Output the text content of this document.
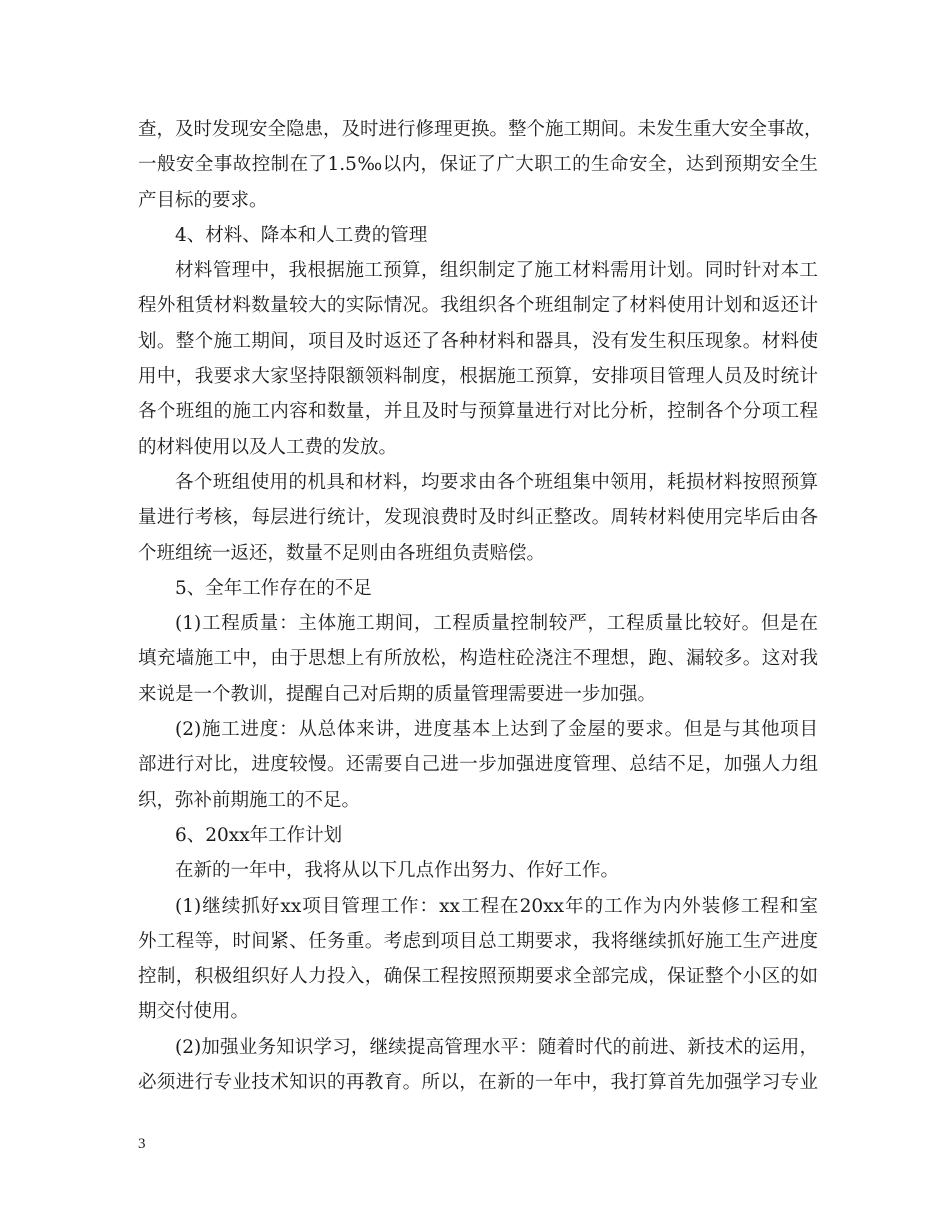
查，及时发现安全隐患，及时进行修理更换。整个施工期间。未发生重大安全事故，
一般安全事故控制在了1.5‰以内，保证了广大职工的生命安全，达到预期安全生
产目标的要求。
4、材料、降本和人工费的管理
材料管理中，我根据施工预算，组织制定了施工材料需用计划。同时针对本工
程外租赁材料数量较大的实际情况。我组织各个班组制定了材料使用计划和返还计
划。整个施工期间，项目及时返还了各种材料和器具，没有发生积压现象。材料使
用中，我要求大家坚持限额领料制度，根据施工预算，安排项目管理人员及时统计
各个班组的施工内容和数量，并且及时与预算量进行对比分析，控制各个分项工程
的材料使用以及人工费的发放。
各个班组使用的机具和材料，均要求由各个班组集中领用，耗损材料按照预算
量进行考核，每层进行统计，发现浪费时及时纠正整改。周转材料使用完毕后由各
个班组统一返还，数量不足则由各班组负责赔偿。
5、全年工作存在的不足
(1)工程质量：主体施工期间，工程质量控制较严，工程质量比较好。但是在
填充墙施工中，由于思想上有所放松，构造柱砼浇注不理想，跑、漏较多。这对我
来说是一个教训，提醒自己对后期的质量管理需要进一步加强。
(2)施工进度：从总体来讲，进度基本上达到了金屋的要求。但是与其他项目
部进行对比，进度较慢。还需要自己进一步加强进度管理、总结不足，加强人力组
织，弥补前期施工的不足。
6、20xx年工作计划
在新的一年中，我将从以下几点作出努力、作好工作。
(1)继续抓好xx项目管理工作：xx工程在20xx年的工作为内外装修工程和室
外工程等，时间紧、任务重。考虑到项目总工期要求，我将继续抓好施工生产进度
控制，积极组织好人力投入，确保工程按照预期要求全部完成，保证整个小区的如
期交付使用。
(2)加强业务知识学习，继续提高管理水平：随着时代的前进、新技术的运用，
必须进行专业技术知识的再教育。所以，在新的一年中，我打算首先加强学习专业
3
